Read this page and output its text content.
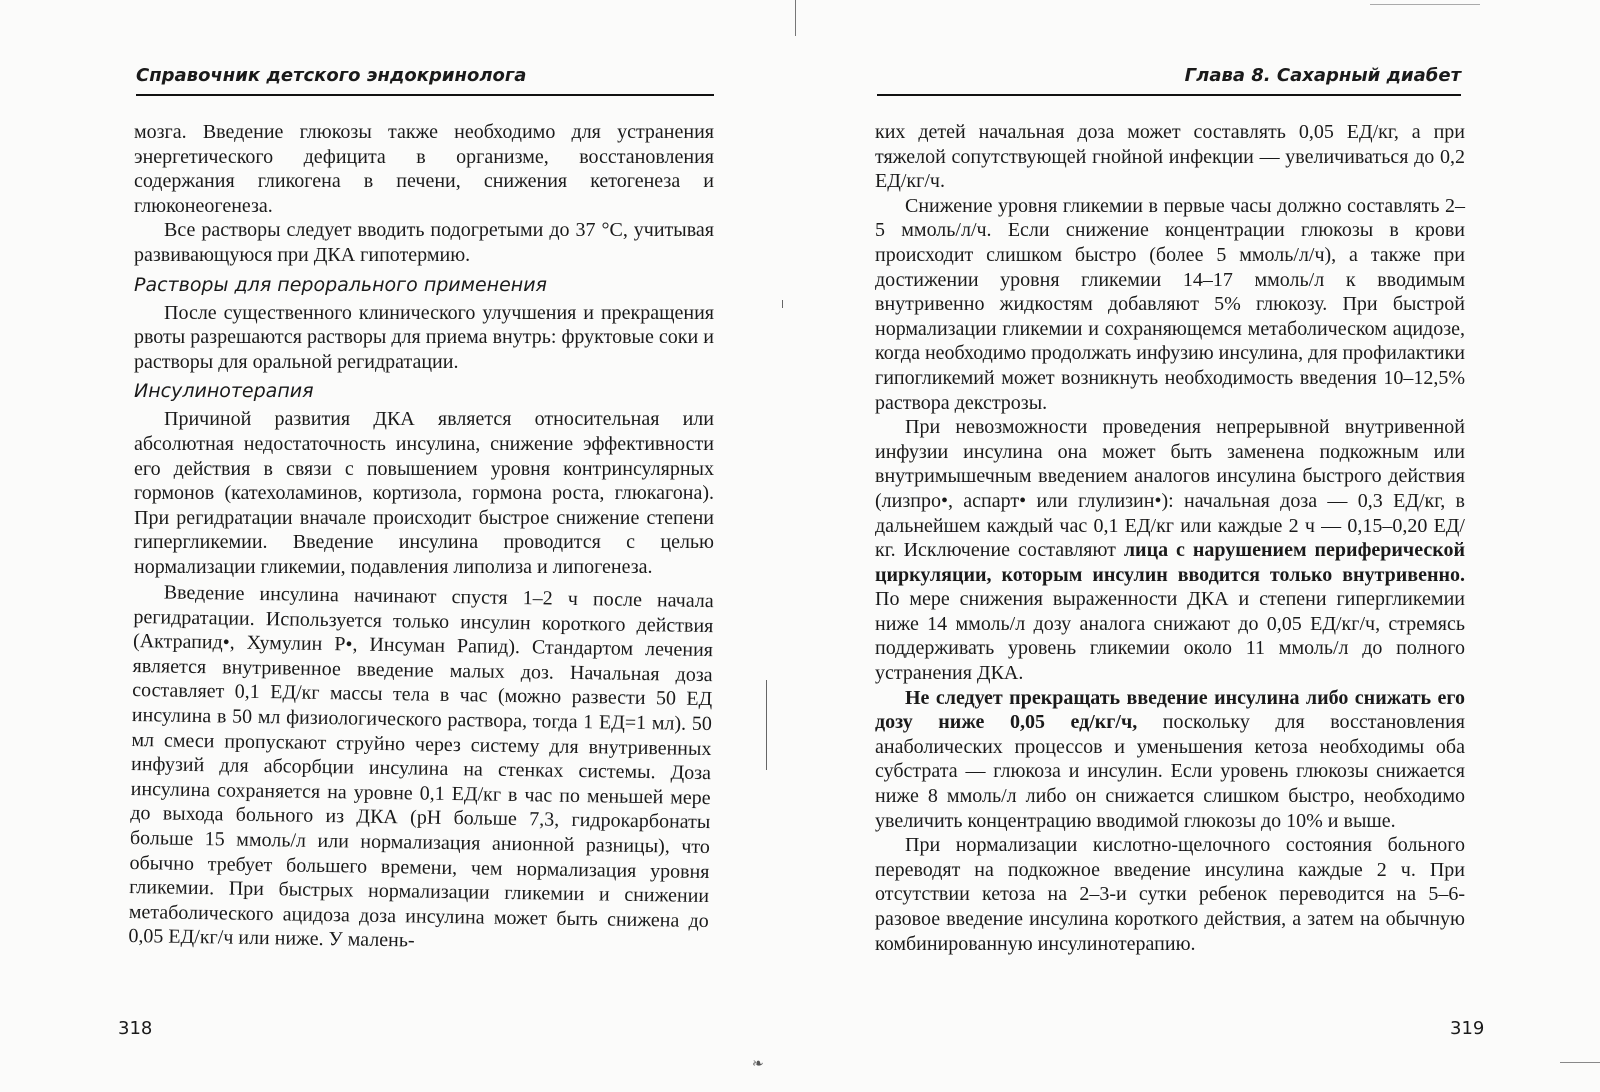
Справочник детского эндокринолога

мозга. Введение глюкозы также необходимо для устранения энергетического дефицита в организме, восстановления содержания гликогена в печени, снижения кетогенеза и глюконеогенеза.

Все растворы следует вводить подогретыми до 37 °С, учитывая развивающуюся при ДКА гипотермию.

Растворы для перорального применения

После существенного клинического улучшения и прекращения рвоты разрешаются растворы для приема внутрь: фруктовые соки и растворы для оральной регидратации.

Инсулинотерапия

Причиной развития ДКА является относительная или абсолютная недостаточность инсулина, снижение эффективности его действия в связи с повышением уровня контринсулярных гормонов (катехоламинов, кортизола, гормона роста, глюкагона). При регидратации вначале происходит быстрое снижение степени гипергликемии. Введение инсулина проводится с целью нормализации гликемии, подавления липолиза и липогенеза.

Введение инсулина начинают спустя 1–2 ч после начала регидратации. Используется только инсулин короткого действия (Актрапид•, Хумулин Р•, Инсуман Рапид). Стандартом лечения является внутривенное введение малых доз. Начальная доза составляет 0,1 ЕД/кг массы тела в час (можно развести 50 ЕД инсулина в 50 мл физиологического раствора, тогда 1 ЕД=1 мл). 50 мл смеси пропускают струйно через систему для внутривенных инфузий для абсорбции инсулина на стенках системы. Доза инсулина сохраняется на уровне 0,1 ЕД/кг в час по меньшей мере до выхода больного из ДКА (рН больше 7,3, гидрокарбонаты больше 15 ммоль/л или нормализация анионной разницы), что обычно требует большего времени, чем нормализация уровня гликемии. При быстрых нормализации гликемии и снижении метаболического ацидоза доза инсулина может быть снижена до 0,05 ЕД/кг/ч или ниже. У малень-

318
Глава 8. Сахарный диабет

ких детей начальная доза может составлять 0,05 ЕД/кг, а при тяжелой сопутствующей гнойной инфекции — увеличиваться до 0,2 ЕД/кг/ч.

Снижение уровня гликемии в первые часы должно составлять 2–5 ммоль/л/ч. Если снижение концентрации глюкозы в крови происходит слишком быстро (более 5 ммоль/л/ч), а также при достижении уровня гликемии 14–17 ммоль/л к вводимым внутривенно жидкостям добавляют 5% глюкозу. При быстрой нормализации гликемии и сохраняющемся метаболическом ацидозе, когда необходимо продолжать инфузию инсулина, для профилактики гипогликемий может возникнуть необходимость введения 10–12,5% раствора декстрозы.

При невозможности проведения непрерывной внутривенной инфузии инсулина она может быть заменена подкожным или внутримышечным введением аналогов инсулина быстрого действия (лизпро•, аспарт• или глулизин•): начальная доза — 0,3 ЕД/кг, в дальнейшем каждый час 0,1 ЕД/кг или каждые 2 ч — 0,15–0,20 ЕД/кг. Исключение составляют лица с нарушением периферической циркуляции, которым инсулин вводится только внутривенно. По мере снижения выраженности ДКА и степени гипергликемии ниже 14 ммоль/л дозу аналога снижают до 0,05 ЕД/кг/ч, стремясь поддерживать уровень гликемии около 11 ммоль/л до полного устранения ДКА.

Не следует прекращать введение инсулина либо снижать его дозу ниже 0,05 ед/кг/ч, поскольку для восстановления анаболических процессов и уменьшения кетоза необходимы оба субстрата — глюкоза и инсулин. Если уровень глюкозы снижается ниже 8 ммоль/л либо он снижается слишком быстро, необходимо увеличить концентрацию вводимой глюкозы до 10% и выше.

При нормализации кислотно-щелочного состояния больного переводят на подкожное введение инсулина каждые 2 ч. При отсутствии кетоза на 2–3-и сутки ребенок переводится на 5–6-разовое введение инсулина короткого действия, а затем на обычную комбинированную инсулинотерапию.

319
❧
